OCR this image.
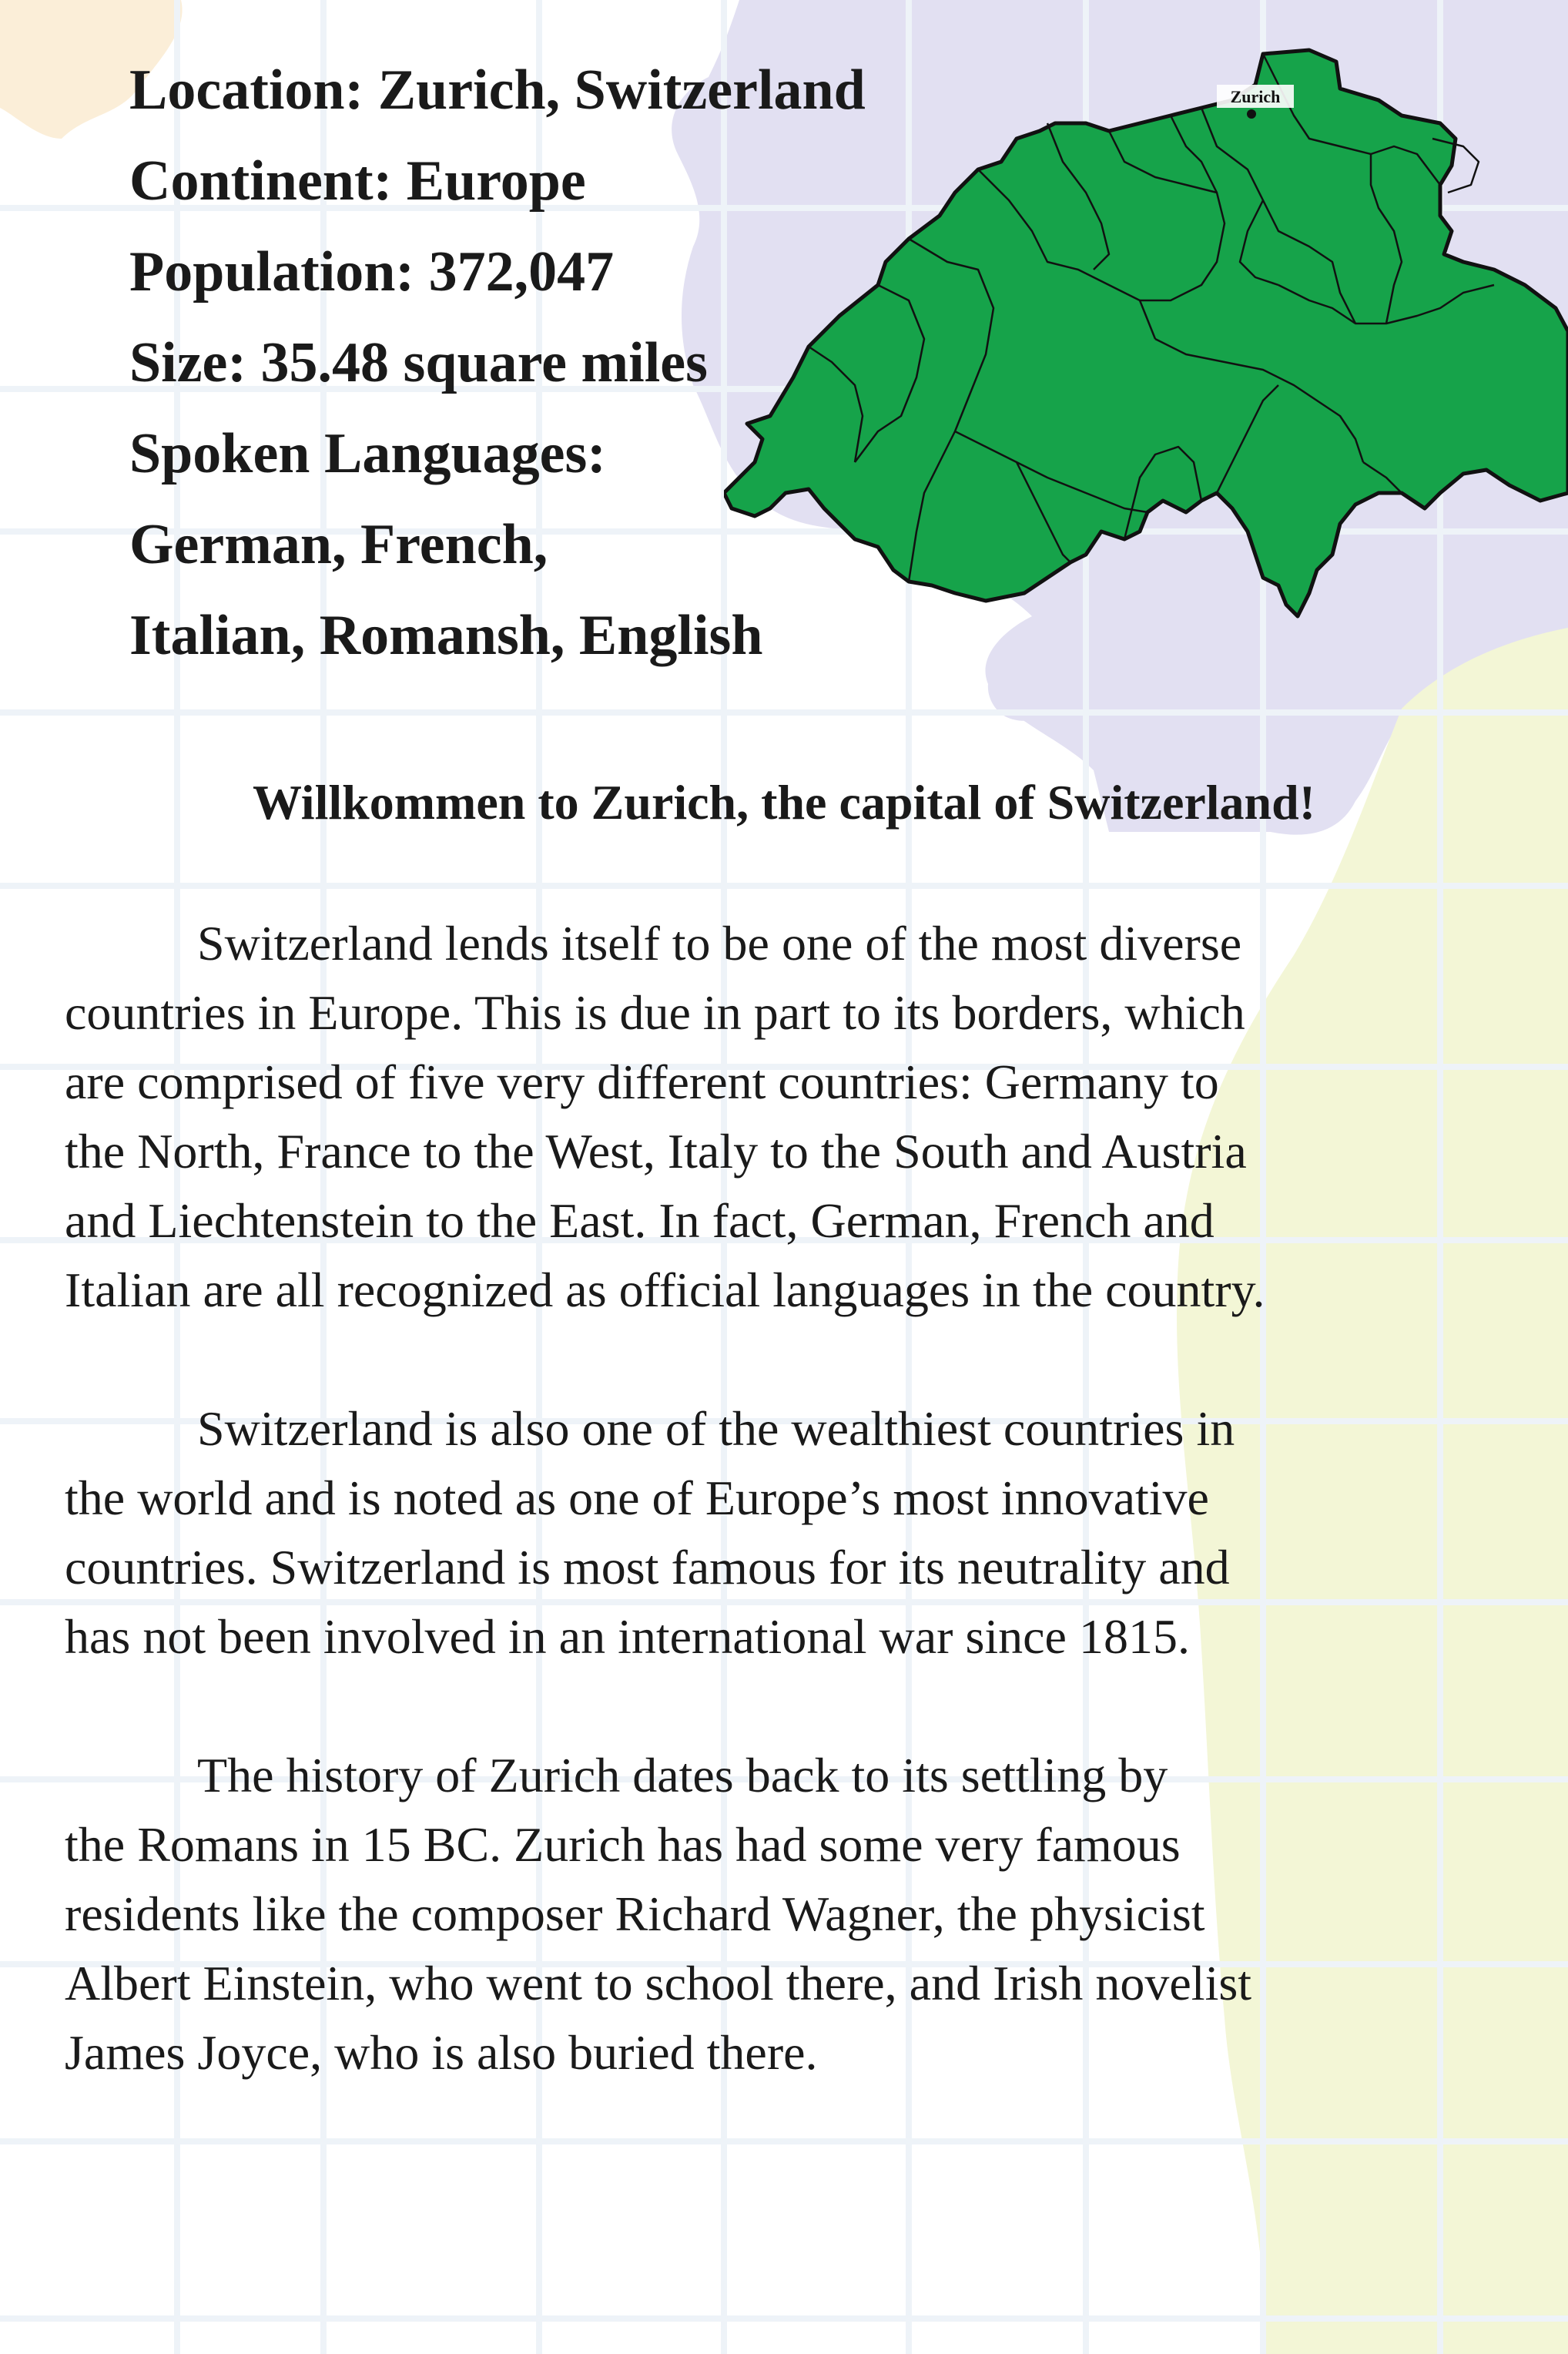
Location: Zurich, Switzerland
Continent: Europe
Population: 372,047
Size: 35.48 square miles
Spoken Languages:
German, French,
Italian, Romansh, English
Zurich
Willkommen to Zurich, the capital of Switzerland!

Switzerland lends itself to be one of the most diverse
countries in Europe. This is due in part to its borders, which
are comprised of five very different countries: Germany to
the North, France to the West, Italy to the South and Austria
and Liechtenstein to the East. In fact, German, French and
Italian are all recognized as official languages in the country.

Switzerland is also one of the wealthiest countries in
the world and is noted as one of Europe’s most innovative
countries. Switzerland is most famous for its neutrality and
has not been involved in an international war since 1815.

The history of Zurich dates back to its settling by
the Romans in 15 BC. Zurich has had some very famous
residents like the composer Richard Wagner, the physicist
Albert Einstein, who went to school there, and Irish novelist
James Joyce, who is also buried there.
